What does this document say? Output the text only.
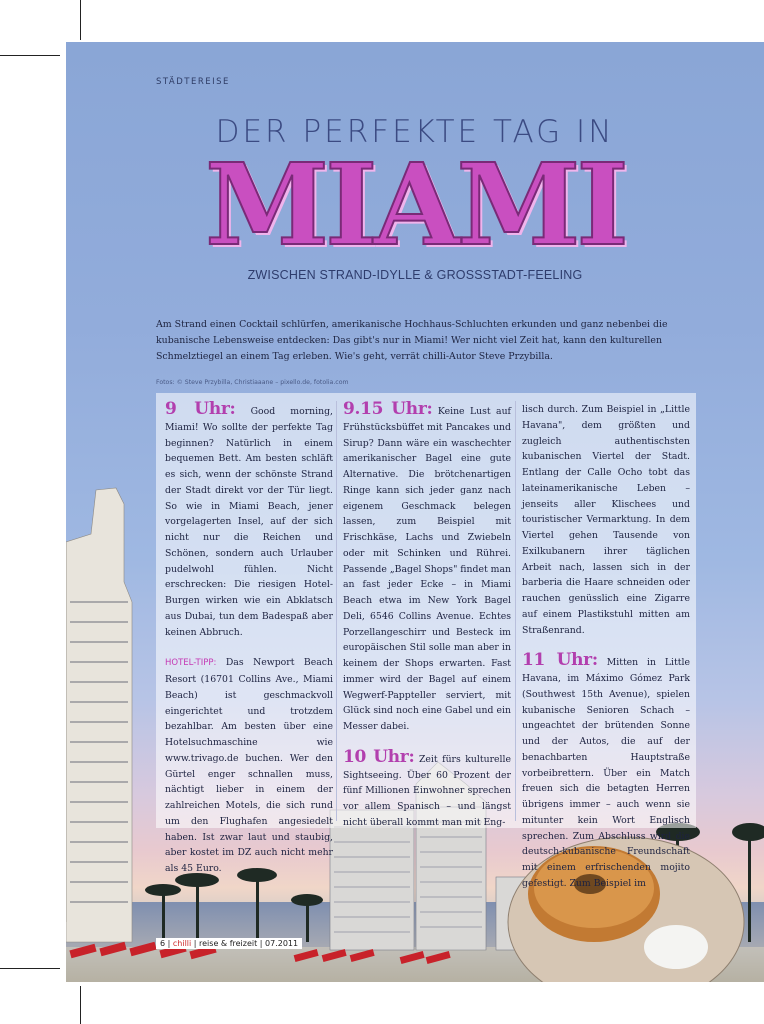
STÄDTEREISE
DER PERFEKTE TAG IN
MIAMI
ZWISCHEN STRAND-IDYLLE & GROSSSTADT-FEELING
Am Strand einen Cocktail schlürfen, amerikanische Hochhaus-Schluchten erkunden und ganz nebenbei die kubanische Lebensweise entdecken: Das gibt's nur in Miami! Wer nicht viel Zeit hat, kann den kulturellen Schmelztiegel an einem Tag erleben. Wie's geht, verrät chilli-Autor Steve Przybilla.
Fotos: © Steve Przybilla, Christiaaane – pixello.de, fotolia.com

9 Uhr: Good morning, Miami! Wo sollte der perfekte Tag beginnen? Natürlich in einem bequemen Bett. Am besten schläft es sich, wenn der schönste Strand der Stadt direkt vor der Tür liegt. So wie in Miami Beach, jener vorgelagerten Insel, auf der sich nicht nur die Reichen und Schönen, sondern auch Urlauber pudelwohl fühlen. Nicht erschrecken: Die riesigen Hotel-Burgen wirken wie ein Abklatsch aus Dubai, tun dem Badespaß aber keinen Abbruch.

HOTEL-TIPP: Das Newport Beach Resort (16701 Collins Ave., Miami Beach) ist geschmackvoll eingerichtet und trotzdem bezahlbar. Am besten über eine Hotelsuchmaschine wie www.trivago.de buchen. Wer den Gürtel enger schnallen muss, nächtigt lieber in einem der zahlreichen Motels, die sich rund um den Flughafen angesiedelt haben. Ist zwar laut und staubig, aber kostet im DZ auch nicht mehr als 45 Euro.

9.15 Uhr: Keine Lust auf Frühstücksbüffet mit Pancakes und Sirup? Dann wäre ein waschechter amerikanischer Bagel eine gute Alternative. Die brötchenartigen Ringe kann sich jeder ganz nach eigenem Geschmack belegen lassen, zum Beispiel mit Frischkäse, Lachs und Zwiebeln oder mit Schinken und Rührei. Passende „Bagel Shops" findet man an fast jeder Ecke – in Miami Beach etwa im New York Bagel Deli, 6546 Collins Avenue. Echtes Porzellangeschirr und Besteck im europäischen Stil solle man aber in keinem der Shops erwarten. Fast immer wird der Bagel auf einem Wegwerf-Pappteller serviert, mit Glück sind noch eine Gabel und ein Messer dabei.

10 Uhr: Zeit fürs kulturelle Sightseeing. Über 60 Prozent der fünf Millionen Einwohner sprechen vor allem Spanisch – und längst nicht überall kommt man mit Eng-

lisch durch. Zum Beispiel in „Little Havana", dem größten und zugleich authentischsten kubanischen Viertel der Stadt. Entlang der Calle Ocho tobt das lateinamerikanische Leben – jenseits aller Klischees und touristischer Vermarktung. In dem Viertel gehen Tausende von Exilkubanern ihrer täglichen Arbeit nach, lassen sich in der barberia die Haare schneiden oder rauchen genüsslich eine Zigarre auf einem Plastikstuhl mitten am Straßenrand.

11 Uhr: Mitten in Little Havana, im Máximo Gómez Park (Southwest 15th Avenue), spielen kubanische Senioren Schach – ungeachtet der brütenden Sonne und der Autos, die auf der benachbarten Hauptstraße vorbeibrettern. Über ein Match freuen sich die betagten Herren übrigens immer – auch wenn sie mitunter kein Wort Englisch sprechen. Zum Abschluss wird die deutsch-kubanische Freundschaft mit einem erfrischenden mojito gefestigt. Zum Beispiel im

6 | chilli | reise & freizeit | 07.2011
